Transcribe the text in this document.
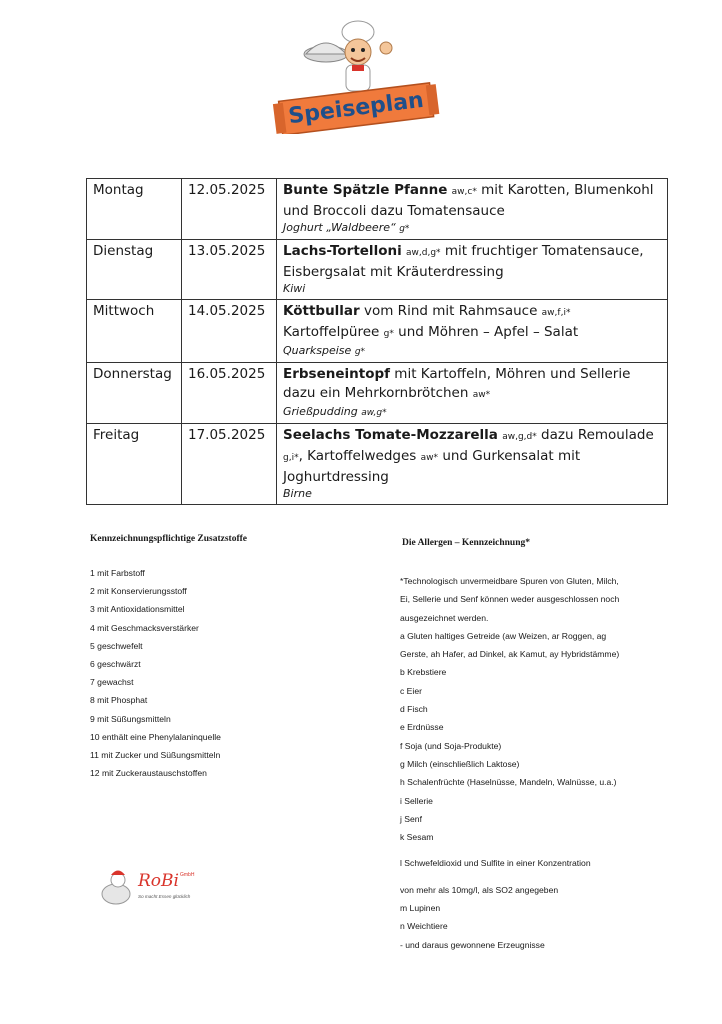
Speiseplan
Montag	12.05.2025	Bunte Spätzle Pfanne aw,c* mit Karotten, Blumenkohl
und Broccoli dazu Tomatensauce
Joghurt „Waldbeere“ g*

Dienstag	13.05.2025	Lachs-Tortelloni aw,d,g* mit fruchtiger Tomatensauce,
Eisbergsalat mit Kräuterdressing
Kiwi

Mittwoch	14.05.2025	Köttbullar vom Rind mit Rahmsauce aw,f,i*
Kartoffelpüree g* und Möhren – Apfel – Salat
Quarkspeise g*

Donnerstag	16.05.2025	Erbseneintopf mit Kartoffeln, Möhren und Sellerie
dazu ein Mehrkornbrötchen aw*
Grießpudding aw,g*

Freitag	17.05.2025	Seelachs Tomate-Mozzarella aw,g,d* dazu Remoulade
g,i*, Kartoffelwedges aw* und Gurkensalat mit
Joghurtdressing
Birne
Kennzeichnungspflichtige Zusatzstoffe
1 mit Farbstoff
2 mit Konservierungsstoff
3 mit Antioxidationsmittel
4 mit Geschmacksverstärker
5 geschwefelt
6 geschwärzt
7 gewachst
8 mit Phosphat
9 mit Süßungsmitteln
10 enthält eine Phenylalaninquelle
11 mit Zucker und Süßungsmitteln
12 mit Zuckeraustauschstoffen
Die Allergen – Kennzeichnung*
*Technologisch unvermeidbare Spuren von Gluten, Milch,
Ei, Sellerie und Senf können weder ausgeschlossen noch
ausgezeichnet werden.
a Gluten haltiges Getreide (aw Weizen, ar Roggen, ag
Gerste, ah Hafer, ad Dinkel, ak Kamut, ay Hybridstämme)
b Krebstiere
c Eier
d Fisch
e Erdnüsse
f Soja (und Soja-Produkte)
g Milch (einschließlich Laktose)
h Schalenfrüchte (Haselnüsse, Mandeln, Walnüsse, u.a.)
i Sellerie
j Senf
k Sesam
l Schwefeldioxid und Sulfite in einer Konzentration
von mehr als 10mg/l, als SO2 angegeben
m Lupinen
n Weichtiere
- und daraus gewonnene Erzeugnisse
RoBi GmbH
So macht Essen glücklich
